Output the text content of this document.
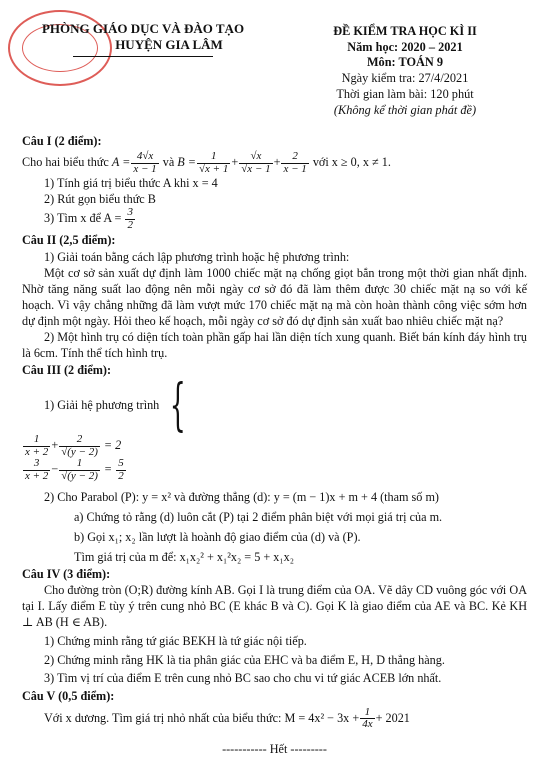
PHÒNG GIÁO DỤC VÀ ĐÀO TẠO
HUYỆN GIA LÂM
ĐỀ KIỂM TRA HỌC KÌ II
Năm học: 2020 – 2021
Môn: TOÁN 9
Ngày kiểm tra: 27/4/2021
Thời gian làm bài: 120 phút
(Không kể thời gian phát đề)

Câu I (2 điểm):

Cho hai biểu thức $A = \frac{4√x}{x - 1}$ và $B = \frac{1}{√x + 1} + \frac{√x}{√x - 1} + \frac{2}{x - 1}$ với x ≥ 0, x ≠ 1.

1) Tính giá trị biểu thức A khi x = 4

2) Rút gọn biểu thức B

3) Tìm x để $A = \frac{3}{2}$

Câu II (2,5 điểm):

1) Giải toán bằng cách lập phương trình hoặc hệ phương trình:

Một cơ sở sản xuất dự định làm 1000 chiếc mặt nạ chống giọt bắn trong một thời gian nhất định. Nhờ tăng năng suất lao động nên mỗi ngày cơ sở đó đã làm thêm được 30 chiếc mặt nạ so với kế hoạch. Vì vậy chẳng những đã làm vượt mức 170 chiếc mặt nạ mà còn hoàn thành công việc sớm hơn dự định một ngày. Hỏi theo kế hoạch, mỗi ngày cơ sở đó dự định sản xuất bao nhiêu chiếc mặt nạ?

2) Một hình trụ có diện tích toàn phần gấp hai lần diện tích xung quanh. Biết bán kính đáy hình trụ là 6cm. Tính thể tích hình trụ.

Câu III (2 điểm):

1) Giải hệ phương trình {

$\frac{1}{x + 2} + \frac{2}{√(y - 2)} = 2$
$\frac{3}{x + 2} - \frac{1}{√(y - 2)} = \frac{5}{2}$

2) Cho Parabol (P): y = x² và đường thẳng (d): y = (m − 1)x + m + 4 (tham số m)

a) Chứng tỏ rằng (d) luôn cắt (P) tại 2 điểm phân biệt với mọi giá trị của m.

b) Gọi x₁; x₂ lần lượt là hoành độ giao điểm của (d) và (P).

Tìm giá trị của m để: x₁x₂² + x₁²x₂ = 5 + x₁x₂

Câu IV (3 điểm):

Cho đường tròn (O;R) đường kính AB. Gọi I là trung điểm của OA. Vẽ dây CD vuông góc với OA tại I. Lấy điểm E tùy ý trên cung nhỏ BC (E khác B và C). Gọi K là giao điểm của AE và BC. Kẻ KH ⊥ AB (H ∈ AB).

1) Chứng minh rằng tứ giác BEKH là tứ giác nội tiếp.

2) Chứng minh rằng HK là tia phân giác của EHC và ba điểm E, H, D thẳng hàng.

3) Tìm vị trí của điểm E trên cung nhỏ BC sao cho chu vi tứ giác ACEB lớn nhất.

Câu V (0,5 điểm):

Với x dương. Tìm giá trị nhỏ nhất của biểu thức: $M = 4x^2 - 3x + \frac{1}{4x} + 2021$

----------- Hết ---------
